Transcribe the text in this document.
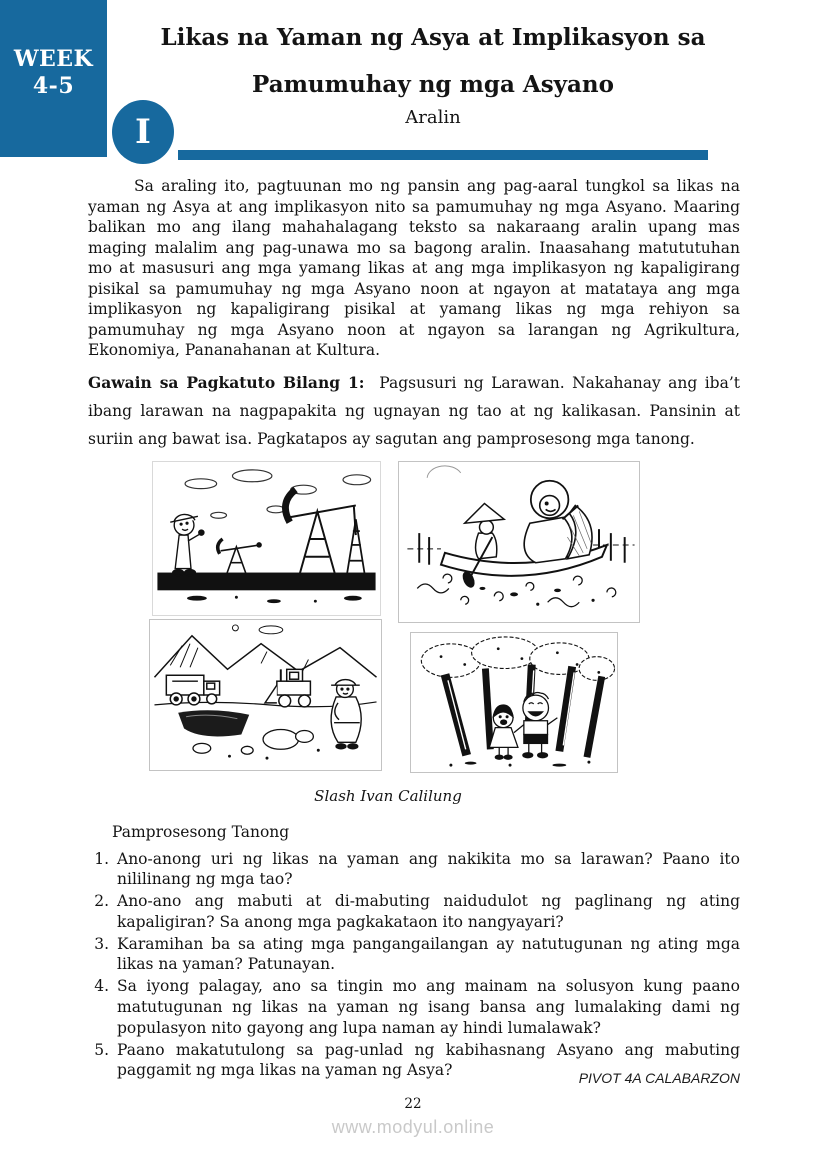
WEEK
4-5
Likas na Yaman ng Asya at Implikasyon sa
Pamumuhay ng mga Asyano
Aralin
I

Sa araling ito, pagtuunan mo ng pansin ang pag-aaral tungkol sa likas na yaman ng Asya at ang implikasyon nito sa pamumuhay ng mga Asyano. Maaring balikan mo ang ilang mahahalagang teksto sa nakaraang aralin upang mas maging malalim ang pag-unawa mo sa bagong aralin. Inaasahang matututuhan mo at masusuri ang mga yamang likas at ang mga implikasyon ng kapaligirang pisikal sa pamumuhay ng mga Asyano noon at ngayon at matataya ang mga implikasyon ng kapaligirang pisikal at yamang likas ng mga rehiyon sa pamumuhay ng mga Asyano noon at ngayon sa larangan ng Agrikultura, Ekonomiya, Pananahanan at Kultura.

Gawain sa Pagkatuto Bilang 1: Pagsusuri ng Larawan. Nakahanay ang iba’t ibang larawan na nagpapakita ng ugnayan ng tao at ng kalikasan. Pansinin at suriin ang bawat isa. Pagkatapos ay sagutan ang pamprosesong mga tanong.

Slash Ivan Calilung
Pamprosesong Tanong
1. Ano-anong uri ng likas na yaman ang nakikita mo sa larawan? Paano ito nililinang ng mga tao?
2. Ano-ano ang mabuti at di-mabuting naidudulot ng paglinang ng ating kapaligiran? Sa anong mga pagkakataon ito nangyayari?
3. Karamihan ba sa ating mga pangangailangan ay natutugunan ng ating mga likas na yaman? Patunayan.
4. Sa iyong palagay, ano sa tingin mo ang mainam na solusyon kung paano matutugunan ng likas na yaman ng isang bansa ang lumalaking dami ng populasyon nito gayong ang lupa naman ay hindi lumalawak?
5. Paano makatutulong sa pag-unlad ng kabihasnang Asyano ang mabuting paggamit ng mga likas na yaman ng Asya?	PIVOT 4A CALABARZON
22
www.modyul.online
